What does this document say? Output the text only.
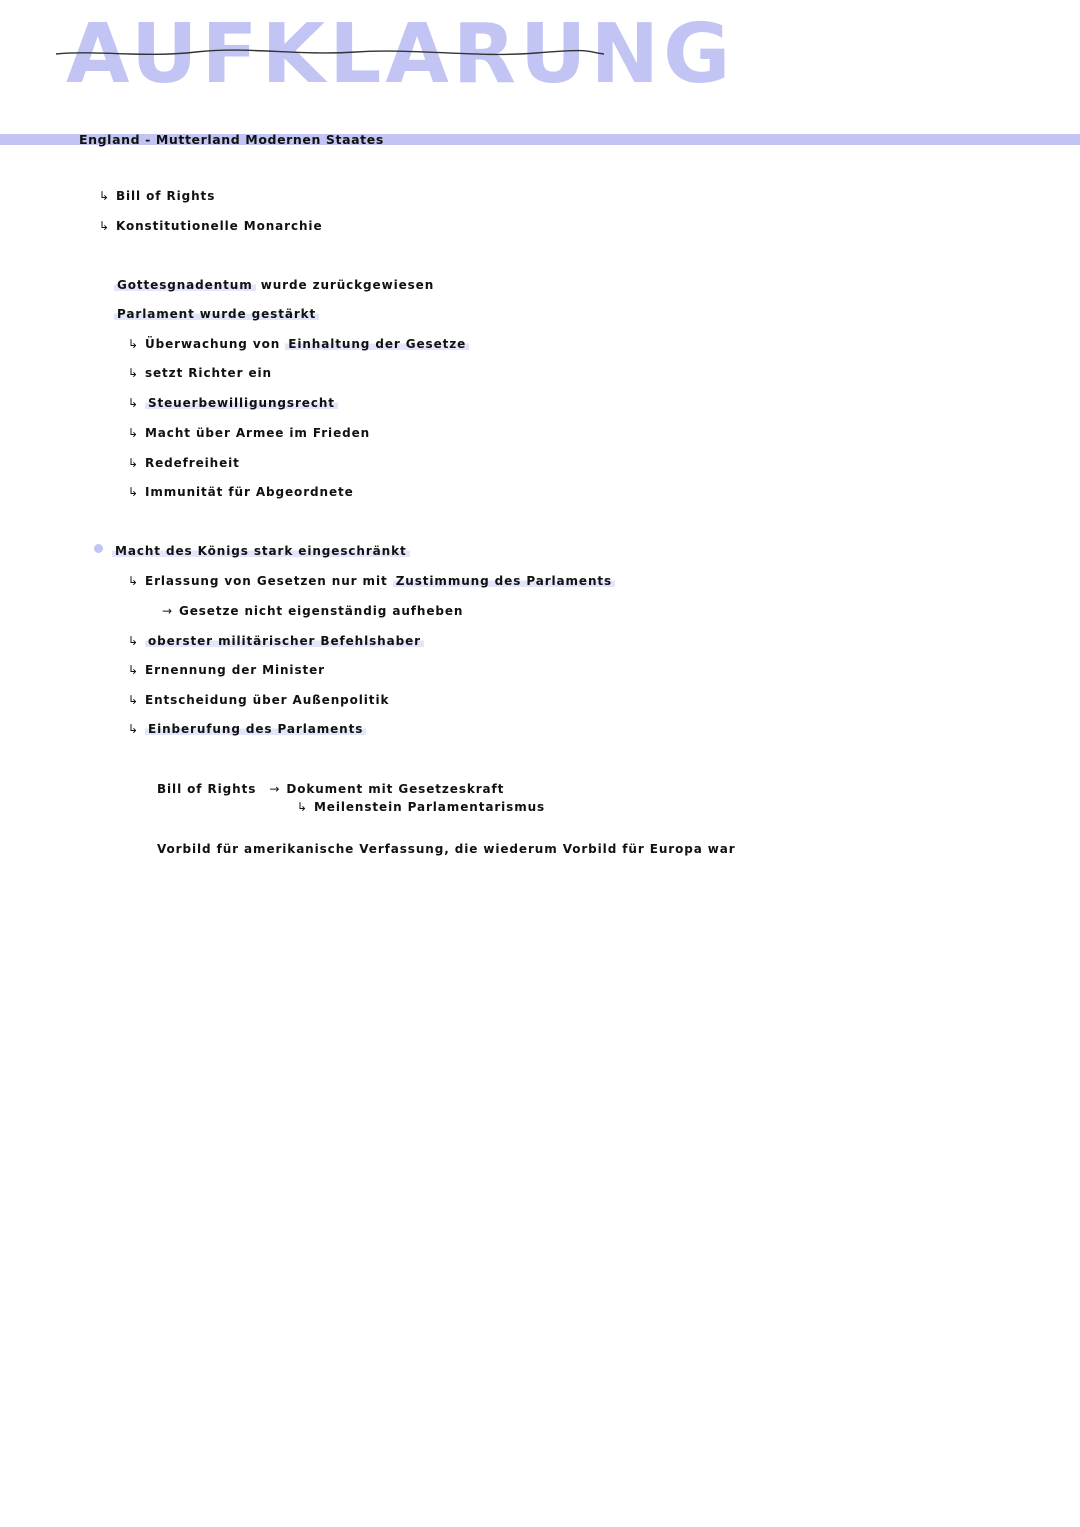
AUFKLARUNG
England - Mutterland Modernen Staates
↳ Bill of Rights
↳ Konstitutionelle Monarchie
Gottesgnadentum wurde zurückgewiesen
Parlament wurde gestärkt
↳ Überwachung von Einhaltung der Gesetze
↳ setzt Richter ein
↳ Steuerbewilligungsrecht
↳ Macht über Armee im Frieden
↳ Redefreiheit
↳ Immunität für Abgeordnete
Macht des Königs stark eingeschränkt
↳ Erlassung von Gesetzen nur mit Zustimmung des Parlaments
→ Gesetze nicht eigenständig aufheben
↳ oberster militärischer Befehlshaber
↳ Ernennung der Minister
↳ Entscheidung über Außenpolitik
↳ Einberufung des Parlaments
Bill of Rights → Dokument mit Gesetzeskraft
↳ Meilenstein Parlamentarismus
Vorbild für amerikanische Verfassung, die wiederum Vorbild für Europa war
